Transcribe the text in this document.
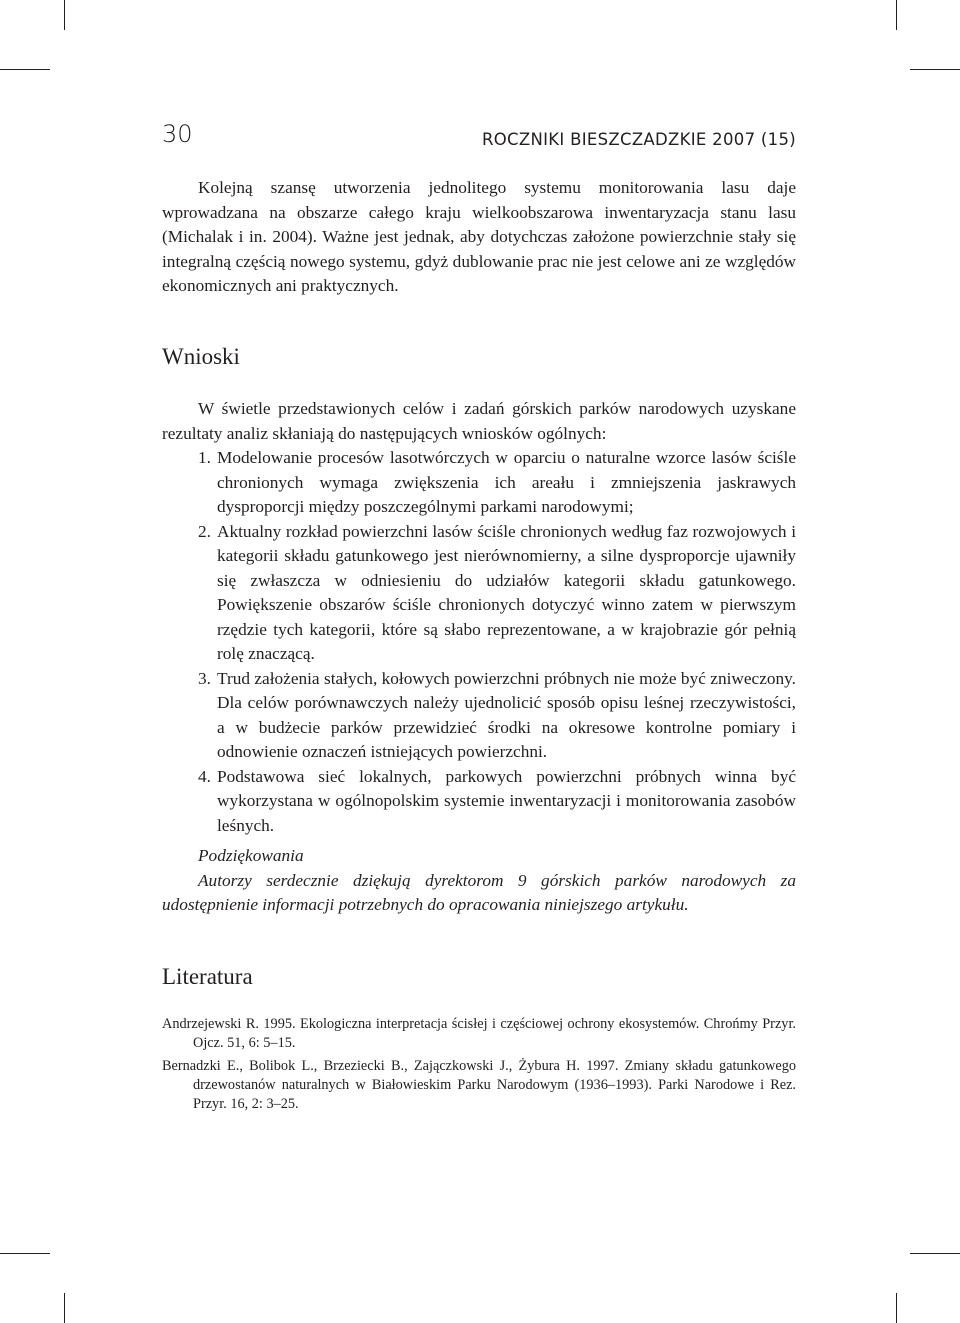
30	ROCZNIKI BIESZCZADZKIE 2007 (15)

Kolejną szansę utworzenia jednolitego systemu monitorowania lasu daje wprowadzana na obszarze całego kraju wielkoobszarowa inwentaryzacja stanu lasu (Michalak i in. 2004). Ważne jest jednak, aby dotychczas założone powierzchnie stały się integralną częścią nowego systemu, gdyż dublowanie prac nie jest celowe ani ze względów ekonomicznych ani praktycznych.

Wnioski

W świetle przedstawionych celów i zadań górskich parków narodowych uzyskane rezultaty analiz skłaniają do następujących wniosków ogólnych:

1. Modelowanie procesów lasotwórczych w oparciu o naturalne wzorce lasów ściśle chronionych wymaga zwiększenia ich areału i zmniejszenia jaskrawych dysproporcji między poszczególnymi parkami narodowymi;
2. Aktualny rozkład powierzchni lasów ściśle chronionych według faz rozwojowych i kategorii składu gatunkowego jest nierównomierny, a silne dysproporcje ujawniły się zwłaszcza w odniesieniu do udziałów kategorii składu gatunkowego. Powiększenie obszarów ściśle chronionych dotyczyć winno zatem w pierwszym rzędzie tych kategorii, które są słabo reprezentowane, a w krajobrazie gór pełnią rolę znaczącą.
3. Trud założenia stałych, kołowych powierzchni próbnych nie może być zniweczony. Dla celów porównawczych należy ujednolicić sposób opisu leśnej rzeczywistości, a w budżecie parków przewidzieć środki na okresowe kontrolne pomiary i odnowienie oznaczeń istniejących powierzchni.
4. Podstawowa sieć lokalnych, parkowych powierzchni próbnych winna być wykorzystana w ogólnopolskim systemie inwentaryzacji i monitorowania zasobów leśnych.

Podziękowania

Autorzy serdecznie dziękują dyrektorom 9 górskich parków narodowych za udostępnienie informacji potrzebnych do opracowania niniejszego artykułu.

Literatura

Andrzejewski R. 1995. Ekologiczna interpretacja ścisłej i częściowej ochrony ekosystemów. Chrońmy Przyr. Ojcz. 51, 6: 5–15.

Bernadzki E., Bolibok L., Brzeziecki B., Zajączkowski J., Żybura H. 1997. Zmiany składu gatunkowego drzewostanów naturalnych w Białowieskim Parku Narodowym (1936–1993). Parki Narodowe i Rez. Przyr. 16, 2: 3–25.
